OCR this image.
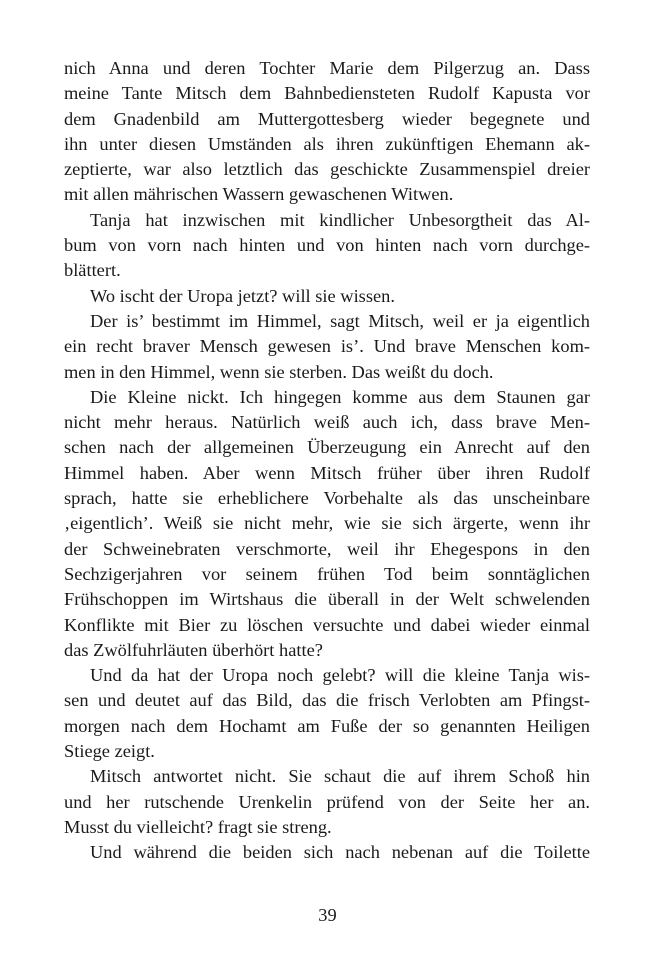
nich Anna und deren Tochter Marie dem Pilgerzug an. Dass
meine Tante Mitsch dem Bahnbediensteten Rudolf Kapusta vor
dem Gnadenbild am Muttergottesberg wieder begegnete und
ihn unter diesen Umständen als ihren zukünftigen Ehemann ak-
zeptierte, war also letztlich das geschickte Zusammenspiel dreier
mit allen mährischen Wassern gewaschenen Witwen.
Tanja hat inzwischen mit kindlicher Unbesorgtheit das Al-
bum von vorn nach hinten und von hinten nach vorn durchge-
blättert.
Wo ischt der Uropa jetzt? will sie wissen.
Der is’ bestimmt im Himmel, sagt Mitsch, weil er ja eigentlich
ein recht braver Mensch gewesen is’. Und brave Menschen kom-
men in den Himmel, wenn sie sterben. Das weißt du doch.
Die Kleine nickt. Ich hingegen komme aus dem Staunen gar
nicht mehr heraus. Natürlich weiß auch ich, dass brave Men-
schen nach der allgemeinen Überzeugung ein Anrecht auf den
Himmel haben. Aber wenn Mitsch früher über ihren Rudolf
sprach, hatte sie erheblichere Vorbehalte als das unscheinbare
‚eigentlich’. Weiß sie nicht mehr, wie sie sich ärgerte, wenn ihr
der Schweinebraten verschmorte, weil ihr Ehegespons in den
Sechzigerjahren vor seinem frühen Tod beim sonntäglichen
Frühschoppen im Wirtshaus die überall in der Welt schwelenden
Konflikte mit Bier zu löschen versuchte und dabei wieder einmal
das Zwölfuhrläuten überhört hatte?
Und da hat der Uropa noch gelebt? will die kleine Tanja wis-
sen und deutet auf das Bild, das die frisch Verlobten am Pfingst-
morgen nach dem Hochamt am Fuße der so genannten Heiligen
Stiege zeigt.
Mitsch antwortet nicht. Sie schaut die auf ihrem Schoß hin
und her rutschende Urenkelin prüfend von der Seite her an.
Musst du vielleicht? fragt sie streng.
Und während die beiden sich nach nebenan auf die Toilette
39
